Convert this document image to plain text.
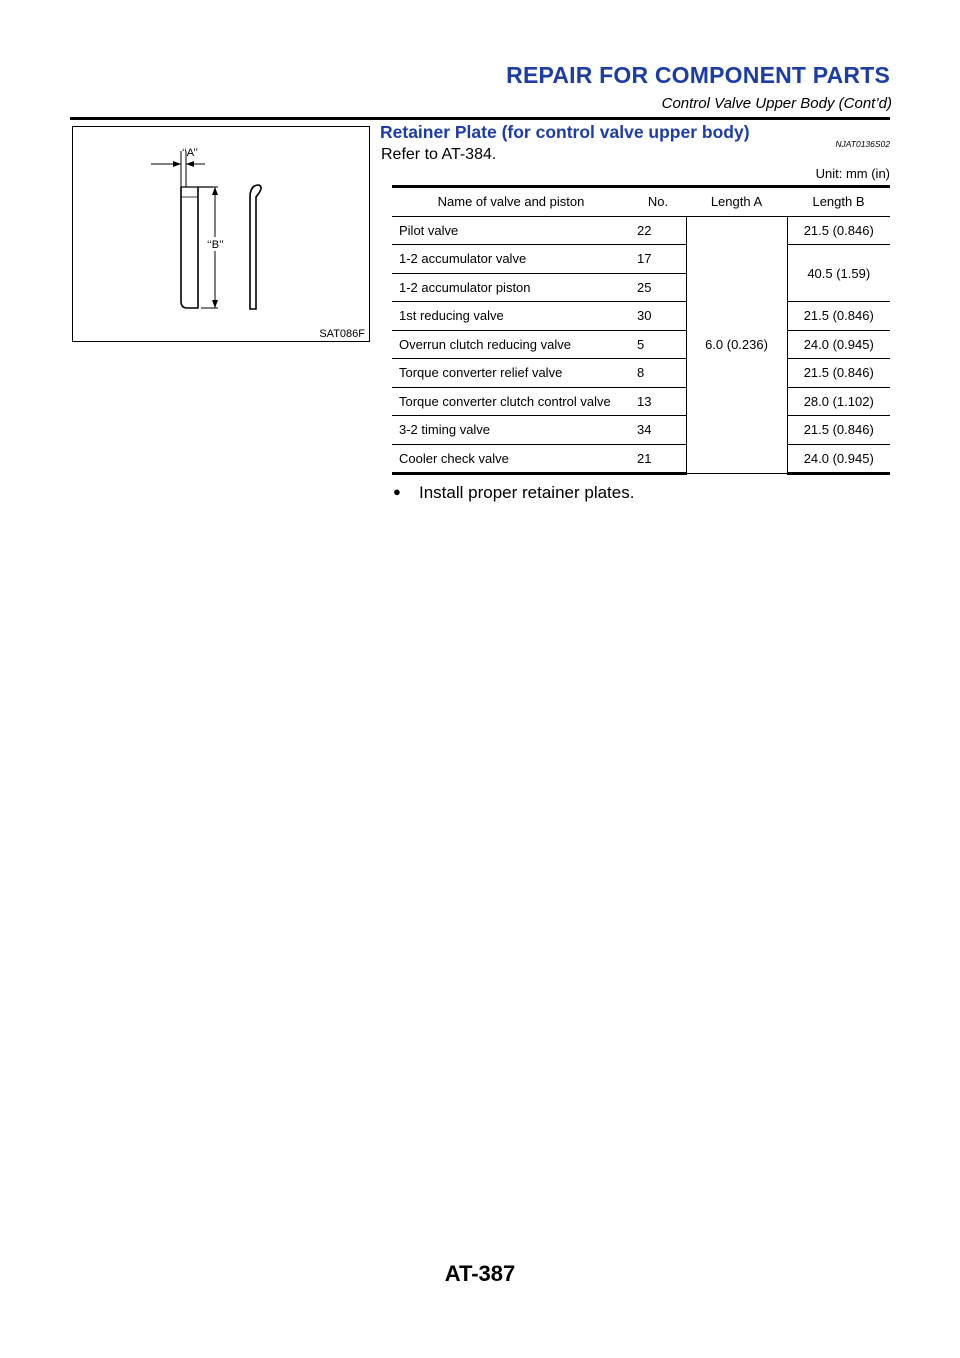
REPAIR FOR COMPONENT PARTS
Control Valve Upper Body (Cont’d)
‘‘A’’
‘‘B’’
SAT086F
Retainer Plate (for control valve upper body)
NJAT0136S02
Refer to AT-384.
Unit: mm (in)
Name of valve and piston	No.	Length A	Length B
Pilot valve	22	6.0 (0.236)	21.5 (0.846)
1-2 accumulator valve	17		40.5 (1.59)
1-2 accumulator piston	25		
1st reducing valve	30		21.5 (0.846)
Overrun clutch reducing valve	5		24.0 (0.945)
Torque converter relief valve	8		21.5 (0.846)
Torque converter clutch control valve	13		28.0 (1.102)
3-2 timing valve	34		21.5 (0.846)
Cooler check valve	21		24.0 (0.945)
● Install proper retainer plates.
AT-387
